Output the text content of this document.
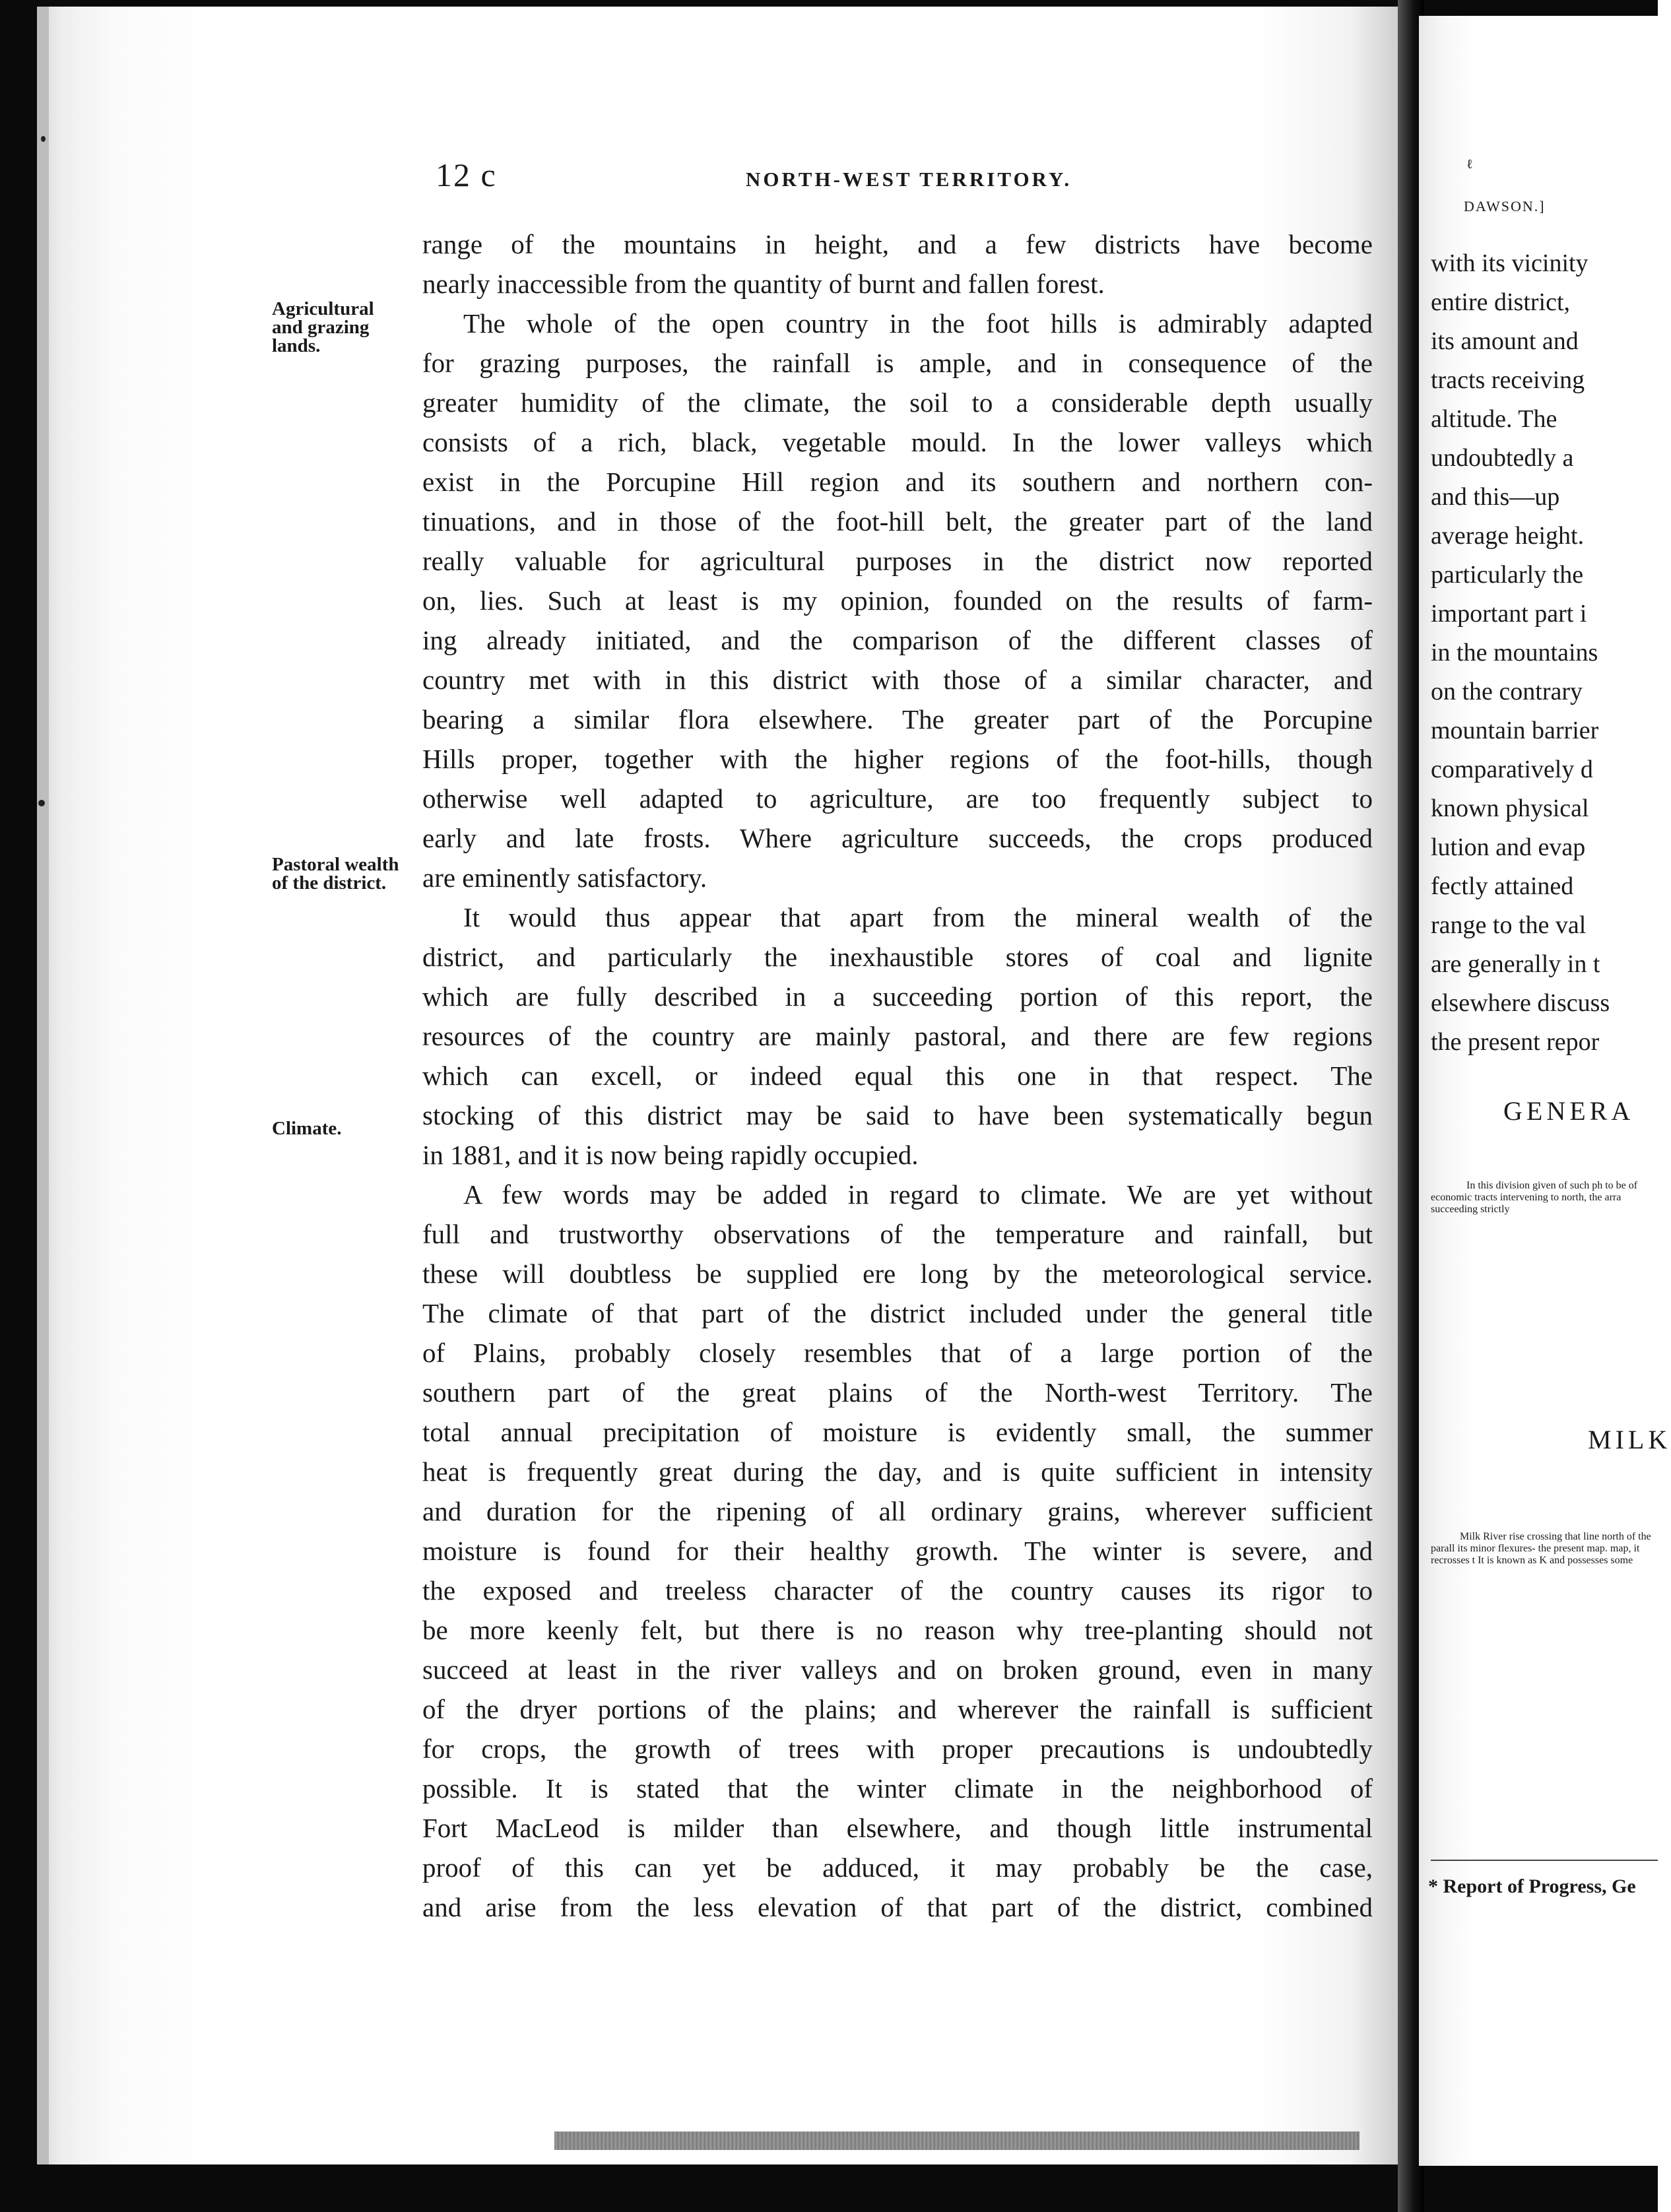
12 c	NORTH-WEST TERRITORY.
Agricultural
and grazing
lands.
Pastoral wealth
of the district.
Climate.
range of the mountains in height, and a few districts have become
nearly inaccessible from the quantity of burnt and fallen forest.
The whole of the open country in the foot hills is admirably adapted
for grazing purposes, the rainfall is ample, and in consequence of the
greater humidity of the climate, the soil to a considerable depth usually
consists of a rich, black, vegetable mould. In the lower valleys which
exist in the Porcupine Hill region and its southern and northern con-
tinuations, and in those of the foot-hill belt, the greater part of the land
really valuable for agricultural purposes in the district now reported
on, lies. Such at least is my opinion, founded on the results of farm-
ing already initiated, and the comparison of the different classes of
country met with in this district with those of a similar character, and
bearing a similar flora elsewhere. The greater part of the Porcupine
Hills proper, together with the higher regions of the foot-hills, though
otherwise well adapted to agriculture, are too frequently subject to
early and late frosts. Where agriculture succeeds, the crops produced
are eminently satisfactory.
It would thus appear that apart from the mineral wealth of the
district, and particularly the inexhaustible stores of coal and lignite
which are fully described in a succeeding portion of this report, the
resources of the country are mainly pastoral, and there are few regions
which can excell, or indeed equal this one in that respect. The
stocking of this district may be said to have been systematically begun
in 1881, and it is now being rapidly occupied.
A few words may be added in regard to climate. We are yet without
full and trustworthy observations of the temperature and rainfall, but
these will doubtless be supplied ere long by the meteorological service.
The climate of that part of the district included under the general title
of Plains, probably closely resembles that of a large portion of the
southern part of the great plains of the North-west Territory. The
total annual precipitation of moisture is evidently small, the summer
heat is frequently great during the day, and is quite sufficient in intensity
and duration for the ripening of all ordinary grains, wherever sufficient
moisture is found for their healthy growth. The winter is severe, and
the exposed and treeless character of the country causes its rigor to
be more keenly felt, but there is no reason why tree-planting should not
succeed at least in the river valleys and on broken ground, even in many
of the dryer portions of the plains; and wherever the rainfall is sufficient
for crops, the growth of trees with proper precautions is undoubtedly
possible. It is stated that the winter climate in the neighborhood of
Fort MacLeod is milder than elsewhere, and though little instrumental
proof of this can yet be adduced, it may probably be the case,
and arise from the less elevation of that part of the district, combined
ℓ
DAWSON.]
with its vicinity
entire district,
its amount and
tracts receiving
altitude. The
undoubtedly a
and this—up
average height.
particularly the
important part i
in the mountains
on the contrary
mountain barrier
comparatively d
known physical
lution and evap
fectly attained
range to the val
are generally in t
elsewhere discuss
the present repor
GENERA
In this division given of such ph to be of economic tracts intervening to north, the arra succeeding strictly
MILK
Milk River rise crossing that line north of the parall its minor flexures- the present map. map, it recrosses t It is known as K and possesses some
* Report of Progress, Ge
